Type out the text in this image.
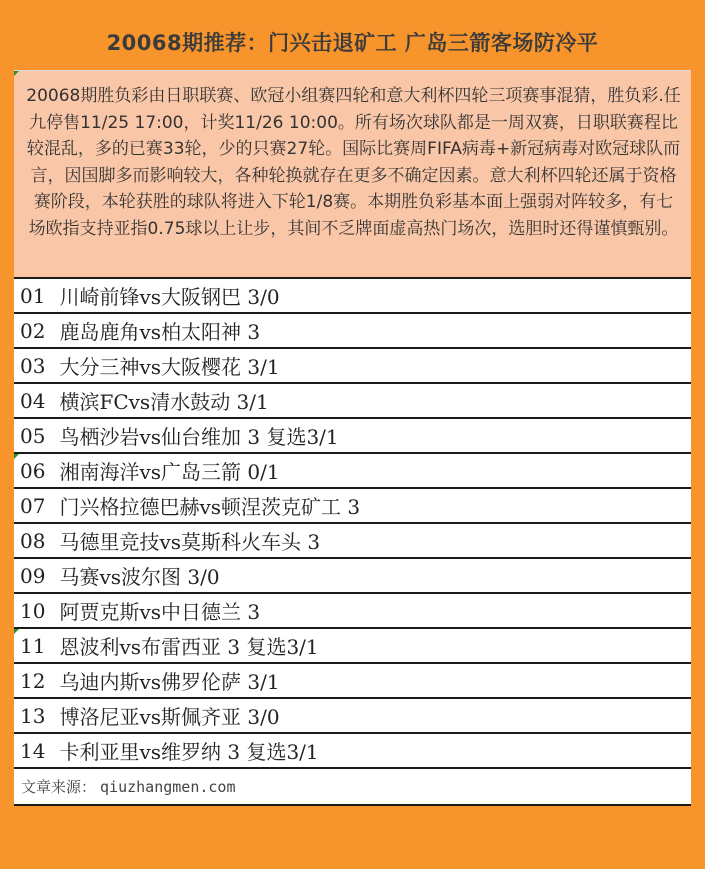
20068期推荐：门兴击退矿工 广岛三箭客场防冷平

20068期胜负彩由日职联赛、欧冠小组赛四轮和意大利杯四轮三项赛事混猜，胜负彩.任九停售11/25 17:00，计奖11/26 10:00。所有场次球队都是一周双赛，日职联赛程比较混乱，多的已赛33轮，少的只赛27轮。国际比赛周FIFA病毒+新冠病毒对欧冠球队而言，因国脚多而影响较大，各种轮换就存在更多不确定因素。意大利杯四轮还属于资格赛阶段，本轮获胜的球队将进入下轮1/8赛。本期胜负彩基本面上强弱对阵较多，有七场欧指支持亚指0.75球以上让步，其间不乏牌面虚高热门场次，选胆时还得谨慎甄别。

01 川崎前锋vs大阪钢巴 3/0
02 鹿岛鹿角vs柏太阳神 3
03 大分三神vs大阪樱花 3/1
04 横滨FCvs清水鼓动 3/1
05 鸟栖沙岩vs仙台维加 3 复选3/1
06 湘南海洋vs广岛三箭 0/1
07 门兴格拉德巴赫vs顿涅茨克矿工 3
08 马德里竞技vs莫斯科火车头 3
09 马赛vs波尔图 3/0
10 阿贾克斯vs中日德兰 3
11 恩波利vs布雷西亚 3 复选3/1
12 乌迪内斯vs佛罗伦萨 3/1
13 博洛尼亚vs斯佩齐亚 3/0
14 卡利亚里vs维罗纳 3 复选3/1
文章来源： qiuzhangmen.com
